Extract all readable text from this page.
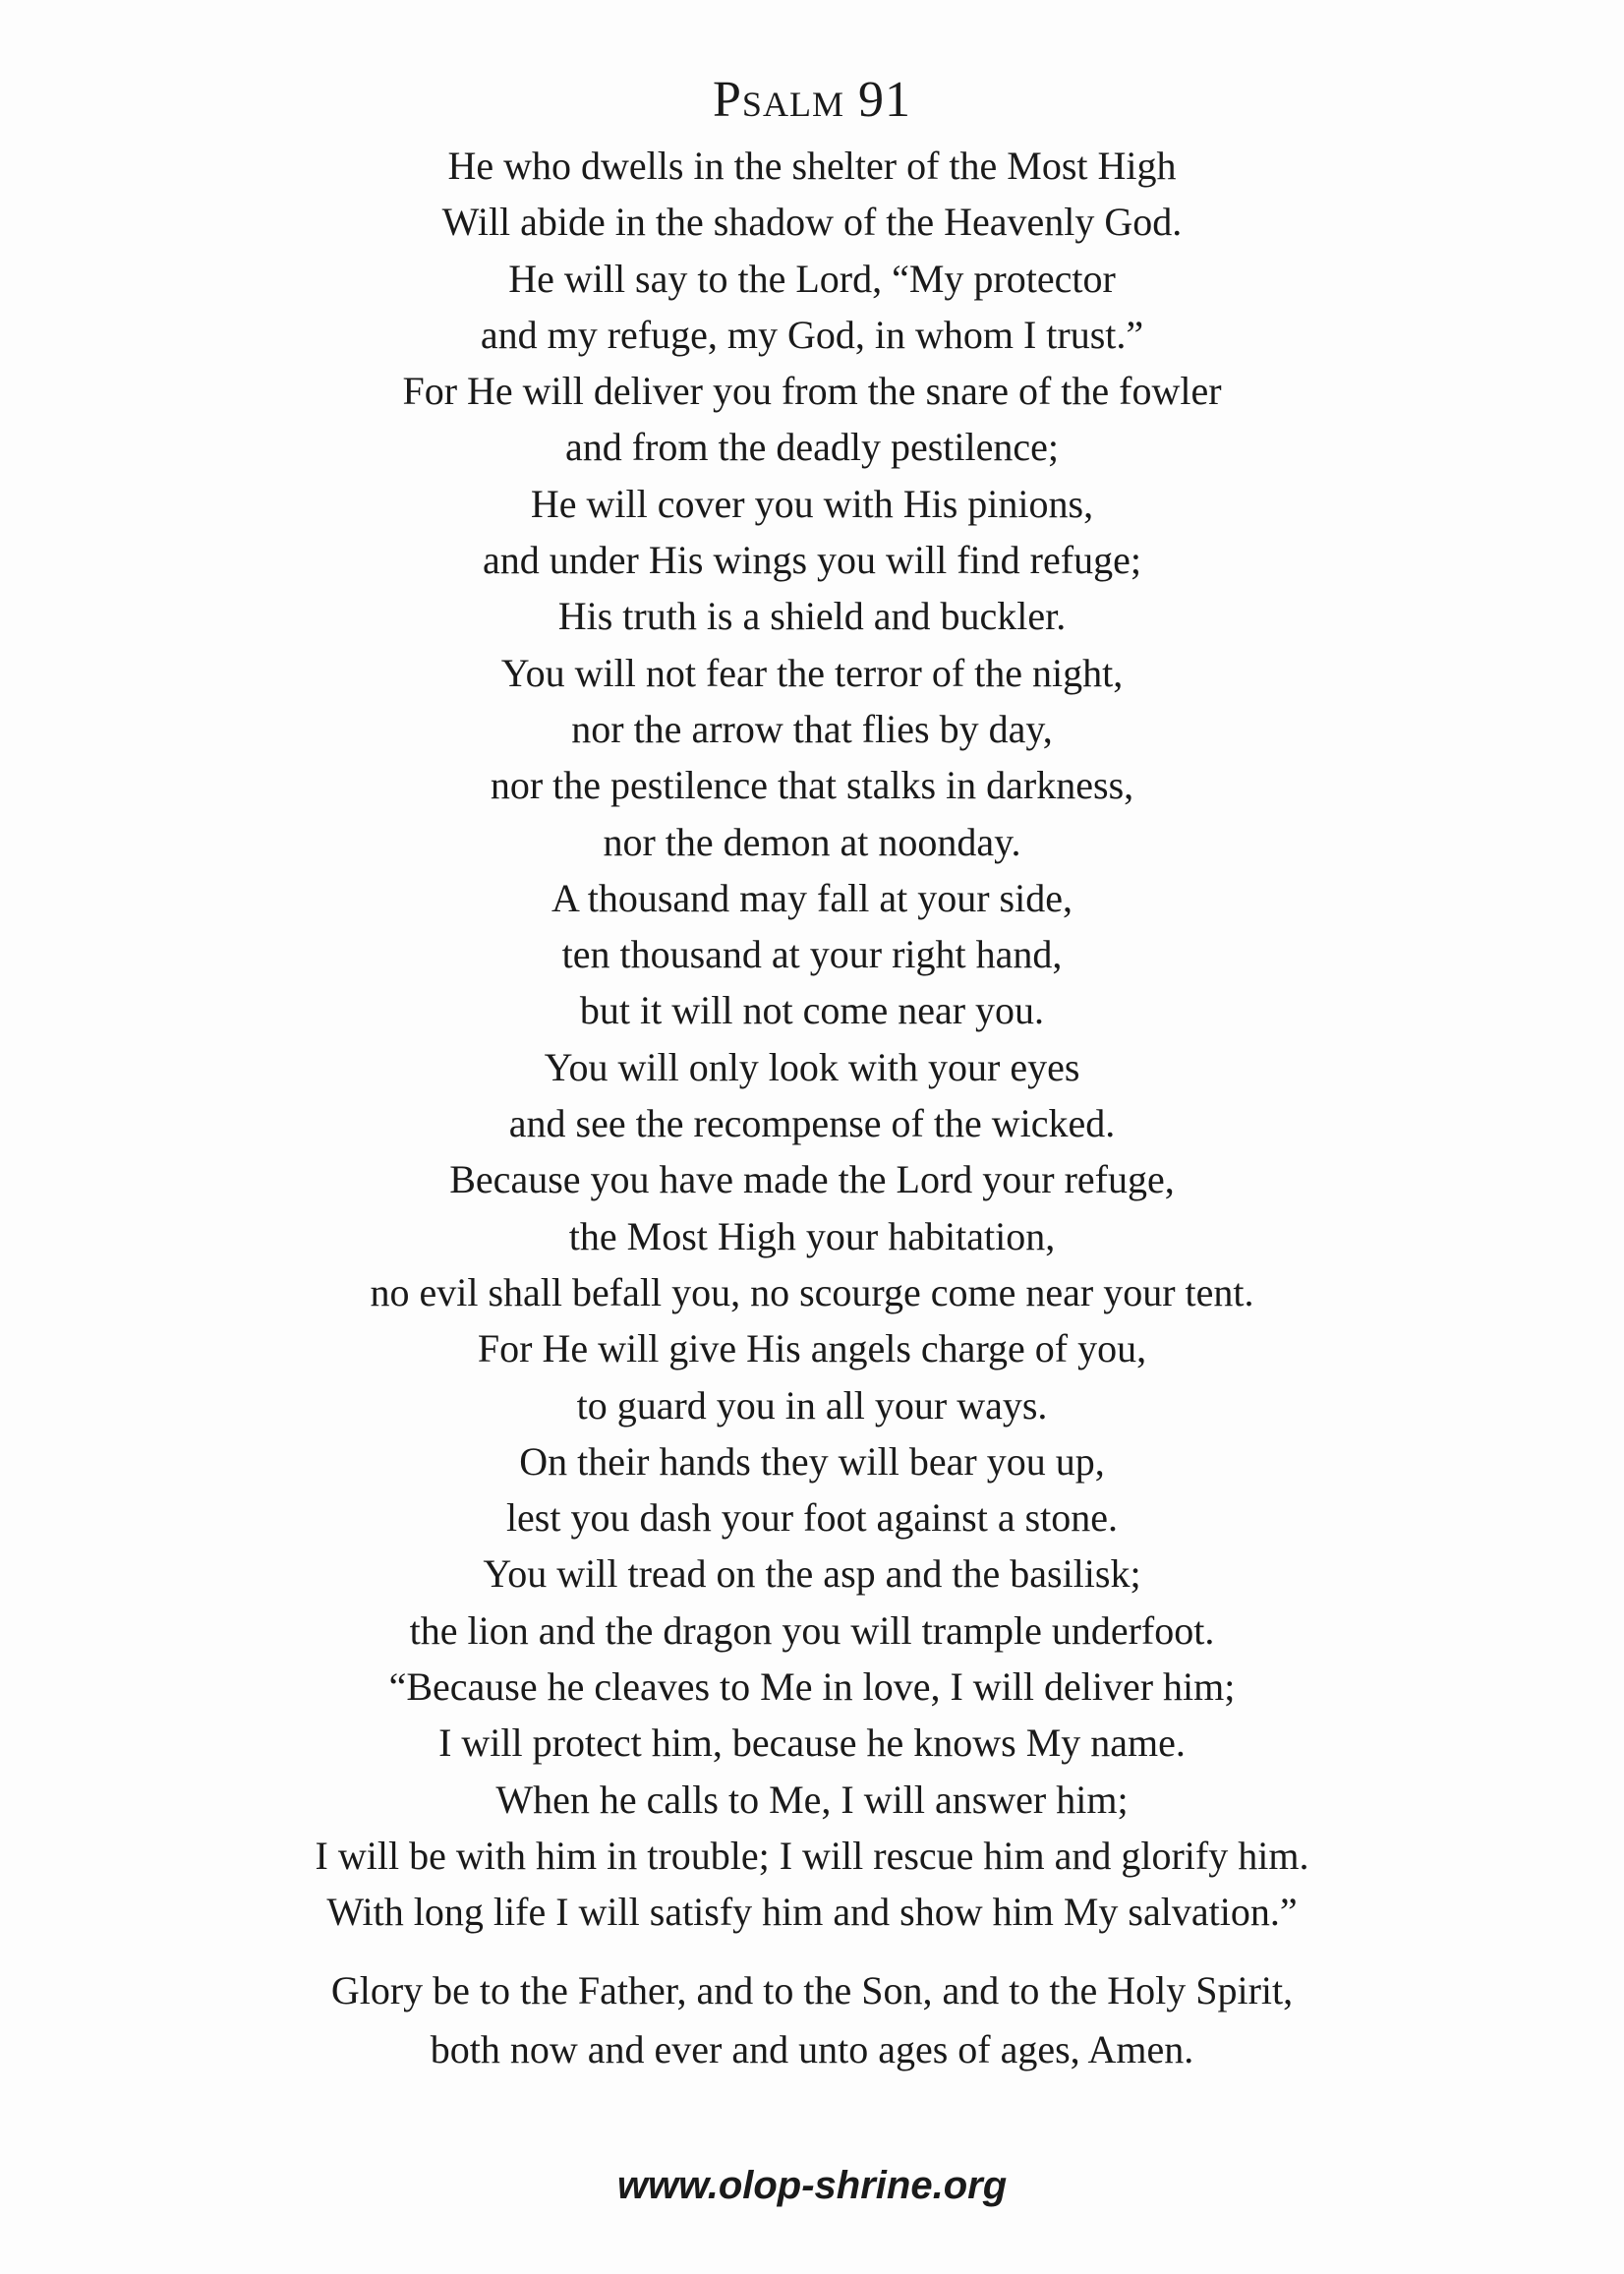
Psalm 91
He who dwells in the shelter of the Most High
Will abide in the shadow of the Heavenly God.
He will say to the Lord, “My protector
and my refuge, my God, in whom I trust.”
For He will deliver you from the snare of the fowler
and from the deadly pestilence;
He will cover you with His pinions,
and under His wings you will find refuge;
His truth is a shield and buckler.
You will not fear the terror of the night,
nor the arrow that flies by day,
nor the pestilence that stalks in darkness,
nor the demon at noonday.
A thousand may fall at your side,
ten thousand at your right hand,
but it will not come near you.
You will only look with your eyes
and see the recompense of the wicked.
Because you have made the Lord your refuge,
the Most High your habitation,
no evil shall befall you, no scourge come near your tent.
For He will give His angels charge of you,
to guard you in all your ways.
On their hands they will bear you up,
lest you dash your foot against a stone.
You will tread on the asp and the basilisk;
the lion and the dragon you will trample underfoot.
“Because he cleaves to Me in love, I will deliver him;
I will protect him, because he knows My name.
When he calls to Me, I will answer him;
I will be with him in trouble; I will rescue him and glorify him.
With long life I will satisfy him and show him My salvation.”
Glory be to the Father, and to the Son, and to the Holy Spirit,
both now and ever and unto ages of ages, Amen.
www.olop-shrine.org
